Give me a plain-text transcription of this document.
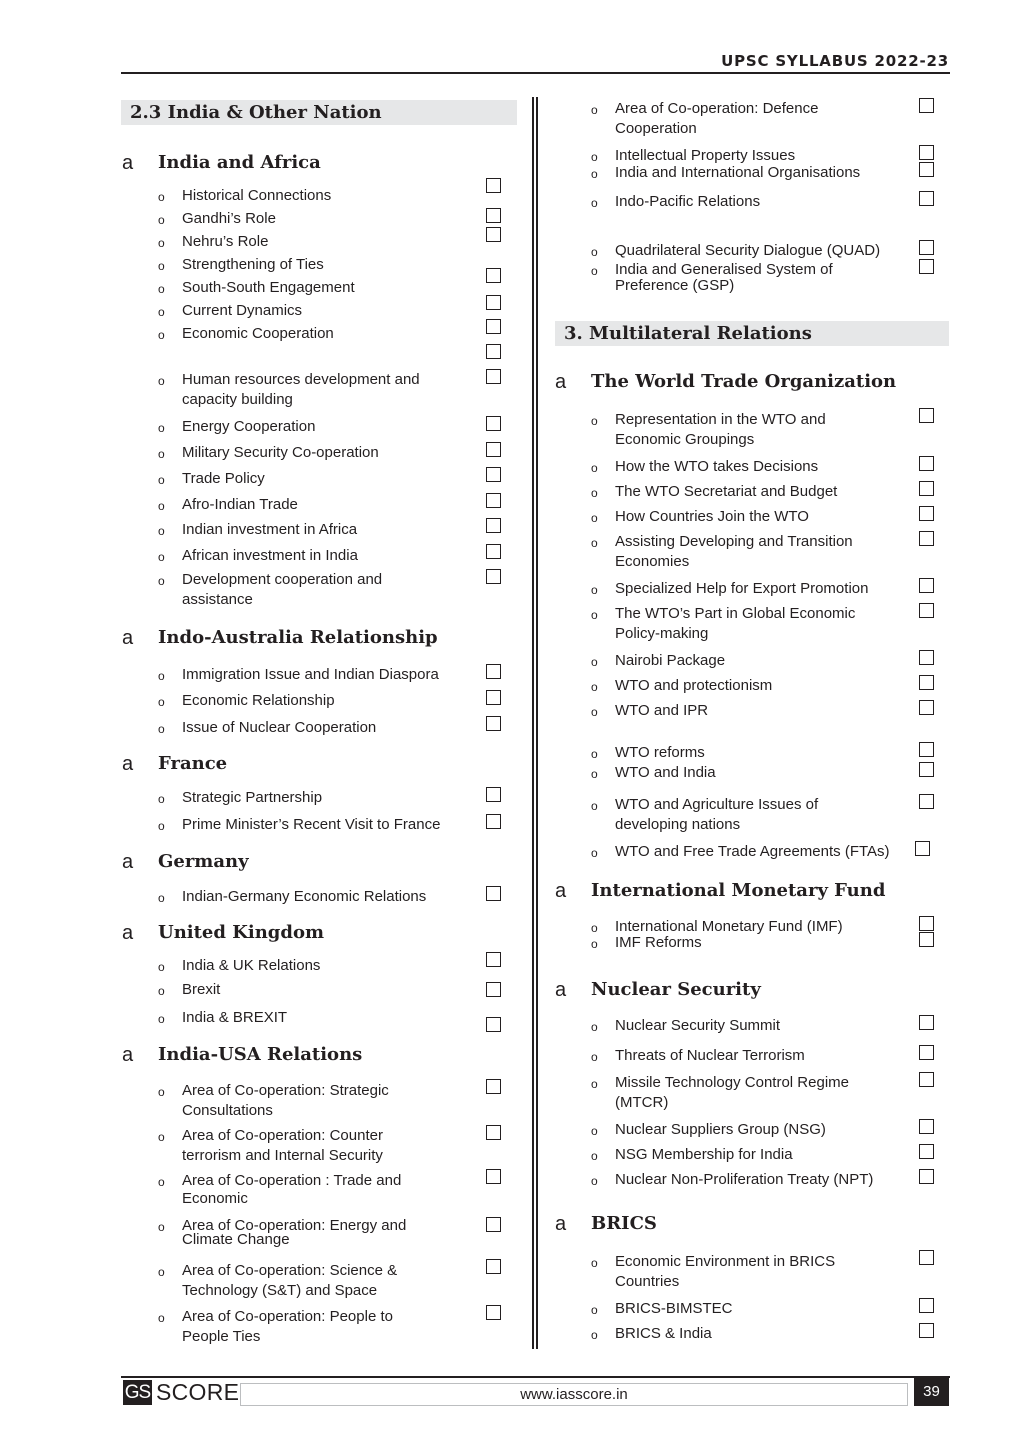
UPSC SYLLABUS 2022-23
2.3 India & Other Nation
a India and Africa
o Historical Connections
o Gandhi’s Role
o Nehru’s Role
o Strengthening of Ties
o South-South Engagement
o Current Dynamics
o Economic Cooperation
o Human resources development and
capacity building
o Energy Cooperation
o Military Security Co-operation
o Trade Policy
o Afro-Indian Trade
o Indian investment in Africa
o African investment in India
o Development cooperation and
assistance
a Indo-Australia Relationship
o Immigration Issue and Indian Diaspora
o Economic Relationship
o Issue of Nuclear Cooperation
a France
o Strategic Partnership
o Prime Minister’s Recent Visit to France
a Germany
o Indian-Germany Economic Relations
a United Kingdom
o India & UK Relations
o Brexit
o India & BREXIT
a India-USA Relations
o Area of Co-operation: Strategic
Consultations
o Area of Co-operation: Counter
terrorism and Internal Security
o Area of Co-operation : Trade and
Economic
o Area of Co-operation: Energy and
Climate Change
o Area of Co-operation: Science &
Technology (S&T) and Space
o Area of Co-operation: People to
People Ties
o Area of Co-operation: Defence
Cooperation
o Intellectual Property Issues
o India and International Organisations
o Indo-Pacific Relations
o Quadrilateral Security Dialogue (QUAD)
o India and Generalised System of
Preference (GSP)
3. Multilateral Relations
a The World Trade Organization
o Representation in the WTO and
Economic Groupings
o How the WTO takes Decisions
o The WTO Secretariat and Budget
o How Countries Join the WTO
o Assisting Developing and Transition
Economies
o Specialized Help for Export Promotion
o The WTO’s Part in Global Economic
Policy-making
o Nairobi Package
o WTO and protectionism
o WTO and IPR
o WTO reforms
o WTO and India
o WTO and Agriculture Issues of
developing nations
o WTO and Free Trade Agreements (FTAs)
a International Monetary Fund
o International Monetary Fund (IMF)
o IMF Reforms
a Nuclear Security
o Nuclear Security Summit
o Threats of Nuclear Terrorism
o Missile Technology Control Regime
(MTCR)
o Nuclear Suppliers Group (NSG)
o NSG Membership for India
o Nuclear Non-Proliferation Treaty (NPT)
a BRICS
o Economic Environment in BRICS
Countries
o BRICS-BIMSTEC
o BRICS & India
GS SCORE	www.iasscore.in	39
